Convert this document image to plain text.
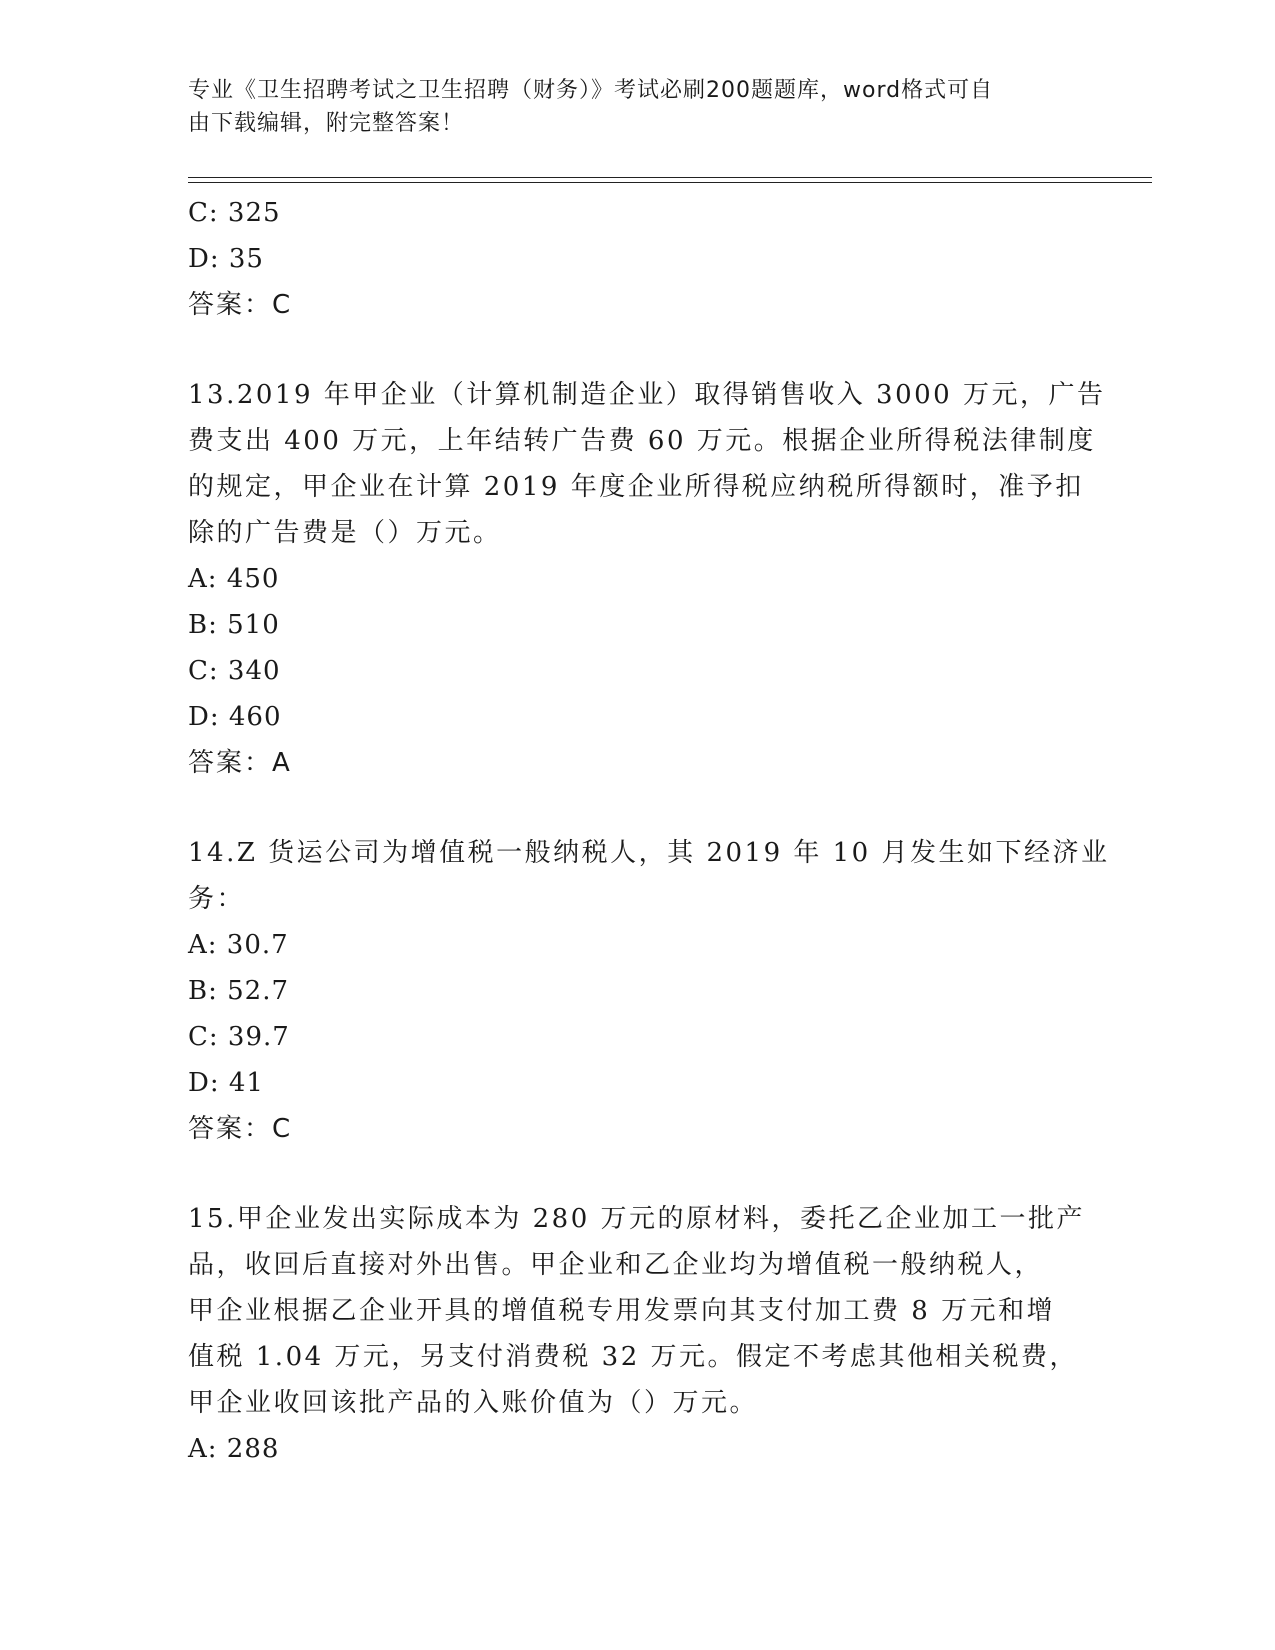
专业《卫生招聘考试之卫生招聘（财务）》考试必刷200题题库，word格式可自
由下载编辑，附完整答案！
C: 325
D: 35
答案：C
13.2019 年甲企业（计算机制造企业）取得销售收入 3000 万元，广告
费支出 400 万元，上年结转广告费 60 万元。根据企业所得税法律制度
的规定，甲企业在计算 2019 年度企业所得税应纳税所得额时，准予扣
除的广告费是（）万元。
A: 450
B: 510
C: 340
D: 460
答案：A
14.Z 货运公司为增值税一般纳税人，其 2019 年 10 月发生如下经济业
务：
A: 30.7
B: 52.7
C: 39.7
D: 41
答案：C
15.甲企业发出实际成本为 280 万元的原材料，委托乙企业加工一批产
品，收回后直接对外出售。甲企业和乙企业均为增值税一般纳税人，
甲企业根据乙企业开具的增值税专用发票向其支付加工费 8 万元和增
值税 1.04 万元，另支付消费税 32 万元。假定不考虑其他相关税费，
甲企业收回该批产品的入账价值为（）万元。
A: 288
